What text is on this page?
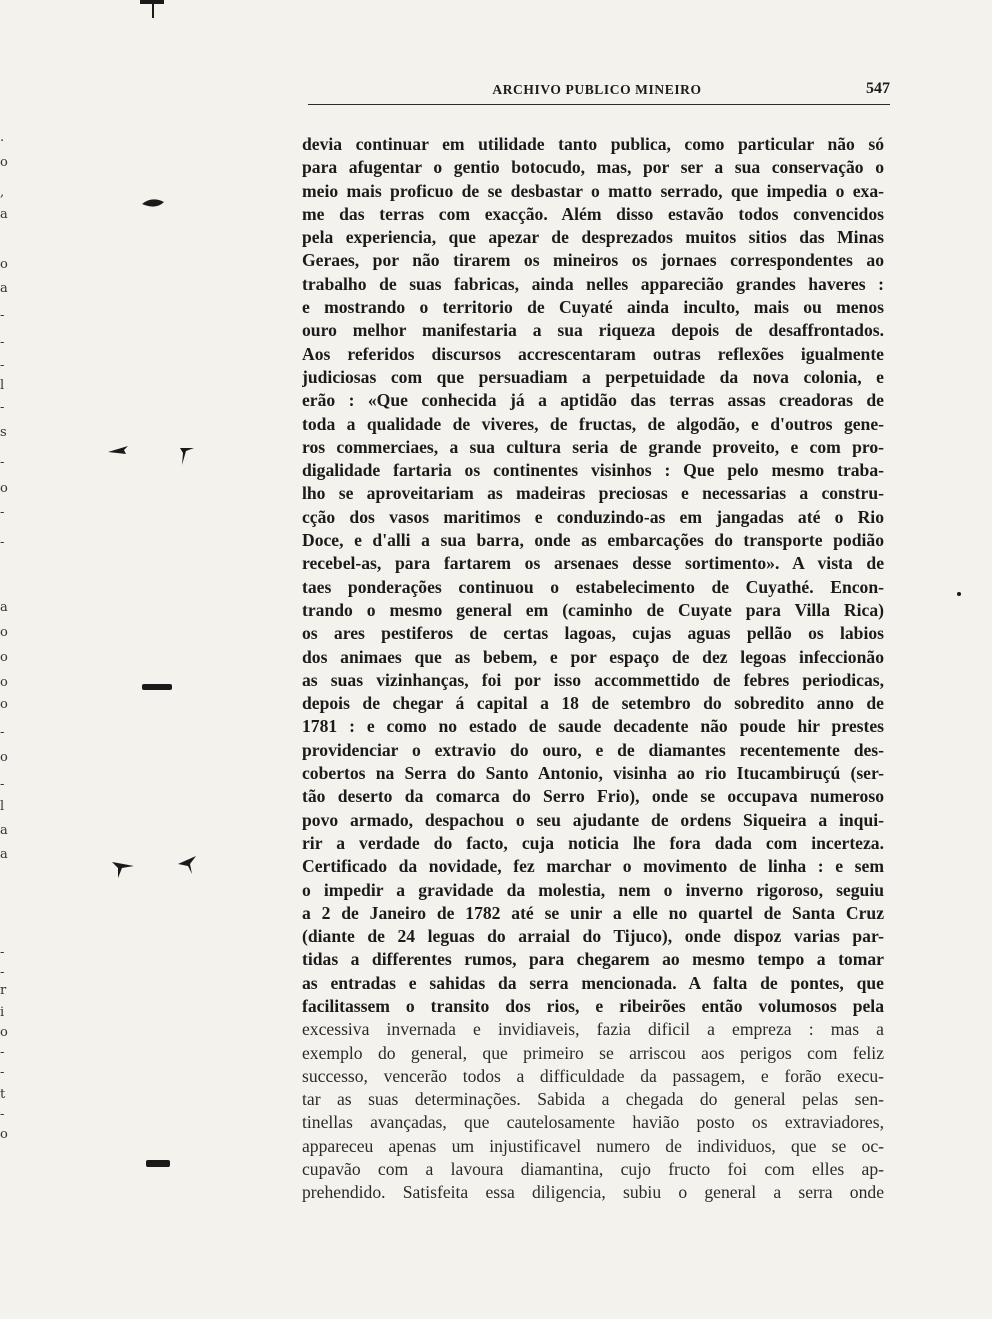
ARCHIVO PUBLICO MINEIRO	547
devia continuar em utilidade tanto publica, como particular não só
para afugentar o gentio botocudo, mas, por ser a sua conservação o
meio mais proficuo de se desbastar o matto serrado, que impedia o exa-
me das terras com exacção. Além disso estavão todos convencidos
pela experiencia, que apezar de desprezados muitos sitios das Minas
Geraes, por não tirarem os mineiros os jornaes correspondentes ao
trabalho de suas fabricas, ainda nelles apparecião grandes haveres :
e mostrando o territorio de Cuyaté ainda inculto, mais ou menos
ouro melhor manifestaria a sua riqueza depois de desaffrontados.
Aos referidos discursos accrescentaram outras reflexões igualmente
judiciosas com que persuadiam a perpetuidade da nova colonia, e
erão : «Que conhecida já a aptidão das terras assas creadoras de
toda a qualidade de viveres, de fructas, de algodão, e d'outros gene-
ros commerciaes, a sua cultura seria de grande proveito, e com pro-
digalidade fartaria os continentes visinhos : Que pelo mesmo traba-
lho se aproveitariam as madeiras preciosas e necessarias a constru-
cção dos vasos maritimos e conduzindo-as em jangadas até o Rio
Doce, e d'alli a sua barra, onde as embarcações do transporte podião
recebel-as, para fartarem os arsenaes desse sortimento». A vista de
taes ponderações continuou o estabelecimento de Cuyathé. Encon-
trando o mesmo general em (caminho de Cuyate para Villa Rica)
os ares pestiferos de certas lagoas, cujas aguas pellão os labios
dos animaes que as bebem, e por espaço de dez legoas infeccionão
as suas vizinhanças, foi por isso accommettido de febres periodicas,
depois de chegar á capital a 18 de setembro do sobredito anno de
1781 : e como no estado de saude decadente não poude hir prestes
providenciar o extravio do ouro, e de diamantes recentemente des-
cobertos na Serra do Santo Antonio, visinha ao rio Itucambiruçú (ser-
tão deserto da comarca do Serro Frio), onde se occupava numeroso
povo armado, despachou o seu ajudante de ordens Siqueira a inqui-
rir a verdade do facto, cuja noticia lhe fora dada com incerteza.
Certificado da novidade, fez marchar o movimento de linha : e sem
o impedir a gravidade da molestia, nem o inverno rigoroso, seguiu
a 2 de Janeiro de 1782 até se unir a elle no quartel de Santa Cruz
(diante de 24 leguas do arraial do Tijuco), onde dispoz varias par-
tidas a differentes rumos, para chegarem ao mesmo tempo a tomar
as entradas e sahidas da serra mencionada. A falta de pontes, que
facilitassem o transito dos rios, e ribeirões então volumosos pela
excessiva invernada e invidiaveis, fazia dificil a empreza : mas a
exemplo do general, que primeiro se arriscou aos perigos com feliz
successo, vencerão todos a difficuldade da passagem, e forão execu-
tar as suas determinações. Sabida a chegada do general pelas sen-
tinellas avançadas, que cautelosamente havião posto os extraviadores,
appareceu apenas um injustificavel numero de individuos, que se oc-
cupavão com a lavoura diamantina, cujo fructo foi com elles ap-
prehendido. Satisfeita essa diligencia, subiu o general a serra onde
.
o
,
a
o
a
-
-
-
l
-
s
-
o
-
-
a
o
o
o
o
-
o
-
l
a
a
-
-
r
i
o
-
-
t
-
o
